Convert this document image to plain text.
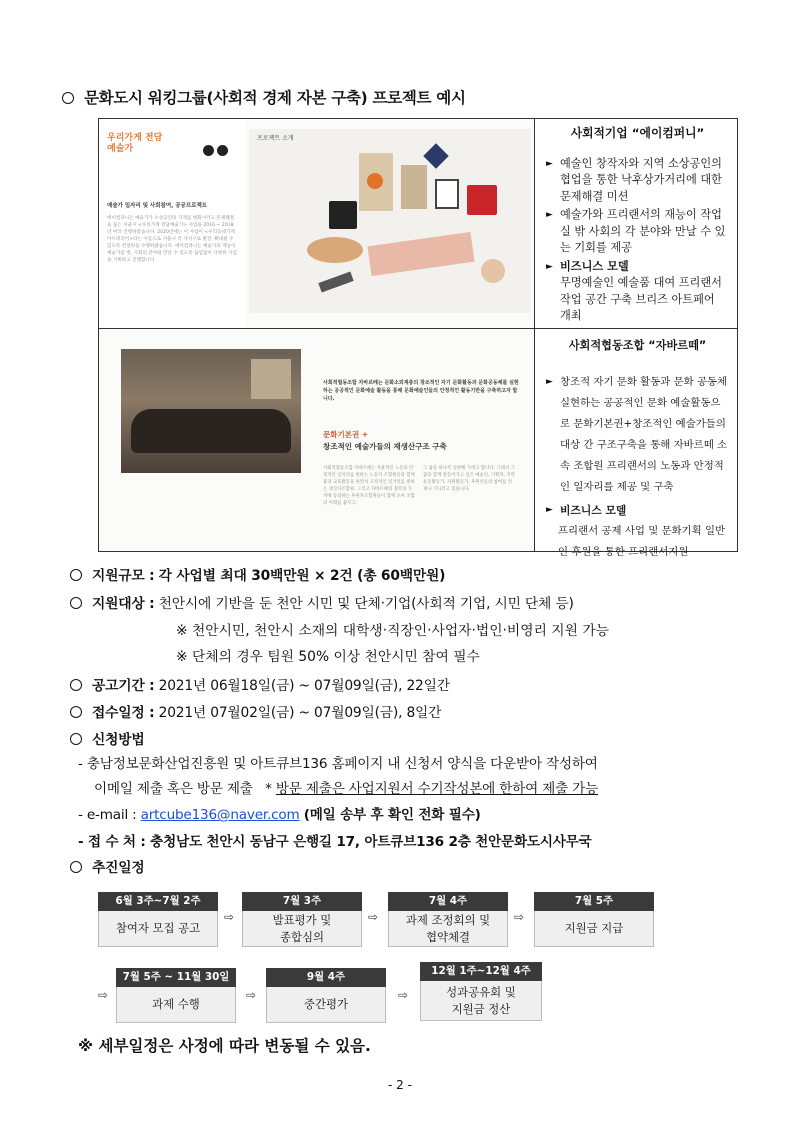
문화도시 워킹그룹(사회적 경제 자본 구축) 프로젝트 예시
우리가게 전담예술가
예술가 일자리 및 사회참여, 공공프로젝트
에이컴퍼니는 예술가가 소상공인의 가게를 변화시키고 문제해결을 돕는 서울시 <우리가게 전담예술가> 사업을 2016 ~ 2018년 여러 진행하였습니다. 2020년에는 이 사업이 <우리동네가게 아트테리어>라는 이름으로 서울시 각 자치구로 발전, 확대될 수 있도록 컨설팅을 수행하였습니다. 에이컴퍼니는 예술가의 재능이 예술가를 벗, 사회의 분야와 만날 수 있도록 끊임없이 다양한 사업을 기획하고 진행합니다.
프로젝트 소개	사회적기업 “에이컴퍼니”
► 예술인 창작자와 지역 소상공인의 협업을 통한 낙후상가거리에 대한 문제해결 미션
► 예술가와 프리랜서의 재능이 작업실 밖 사회의 각 분야와 만날 수 있는 기회를 제공
► 비즈니스 모델
무명예술인 예술품 대여 프리랜서 작업 공간 구축 브리즈 아트페어 개최
사회적협동조합 자바르떼는 문화소외계층의 창조적인 자기 문화활동과 문화공동체를 실현하는 공공적인 문화예술 활동을 통해 문화예술인들의 안정적인 활동기반을 구축하고자 합니다.
문화기본권 +
창조적인 예술가들의 재생산구조 구축
사회적협동조합 자바르떼는 자율적인 노동과 안정적인 일자리를 원하는 노동자 조합원들과 함께 용과 교육활동을 하면서 고정적인 일거리를 원하는 생산자조합원, 그리고 자바르떼의 철학과 가치에 동의하는 후원자조합원들이 함께 모여 조합의 미래를 꿈꾸고,
그 꿈을 하나씩 실현해 가려고 합니다. 그래서 그 꿈을 함께 만들어가고 싶은 예술인, 기획자, 지역운동활동가, 자원활동가, 후원인들의 참여를 언제나 기다리고 있습니다.
사회적협동조합 “자바르떼”
► 창조적 자기 문화 활동과 문화 공동체 실현하는 공공적인 문화 예술활동으로 문화기본권+창조적인 예술가들의 대상 간 구조구축을 통해 자바르떼 소속 조합원 프리랜서의 노동과 안정적인 일자리를 제공 및 구축
► 비즈니스 모델
프리랜서 공제 사업 및 문화기획 일반인 후원을 통한 프리랜서지원
지원규모 : 각 사업별 최대 30백만원 × 2건 (총 60백만원)
지원대상 : 천안시에 기반을 둔 천안 시민 및 단체‧기업(사회적 기업, 시민 단체 등)
※ 천안시민, 천안시 소재의 대학생‧직장인‧사업자‧법인‧비영리 지원 가능
※ 단체의 경우 팀원 50% 이상 천안시민 참여 필수
공고기간 : 2021년 06월18일(금) ~ 07월09일(금), 22일간
접수일정 : 2021년 07월02일(금) ~ 07월09일(금), 8일간
신청방법
- 충남정보문화산업진흥원 및 아트큐브136 홈페이지 내 신청서 양식을 다운받아 작성하여
이메일 제출 혹은 방문 제출 * 방문 제출은 사업지원서 수기작성본에 한하여 제출 가능
- e-mail : artcube136@naver.com (메일 송부 후 확인 전화 필수)
- 접 수 처 : 충청남도 천안시 동남구 은행길 17, 아트큐브136 2층 천안문화도시사무국
추진일정
6월 3주~7월 2주
참여자 모집 공고
⇨
7월 3주
발표평가 및 종합심의
⇨
7월 4주
과제 조정회의 및 협약체결
⇨
7월 5주
지원금 지급
⇨
7월 5주 ~ 11월 30일
과제 수행
⇨
9월 4주
중간평가
⇨
12월 1주~12월 4주
성과공유회 및 지원금 정산
※ 세부일정은 사정에 따라 변동될 수 있음.
- 2 -
